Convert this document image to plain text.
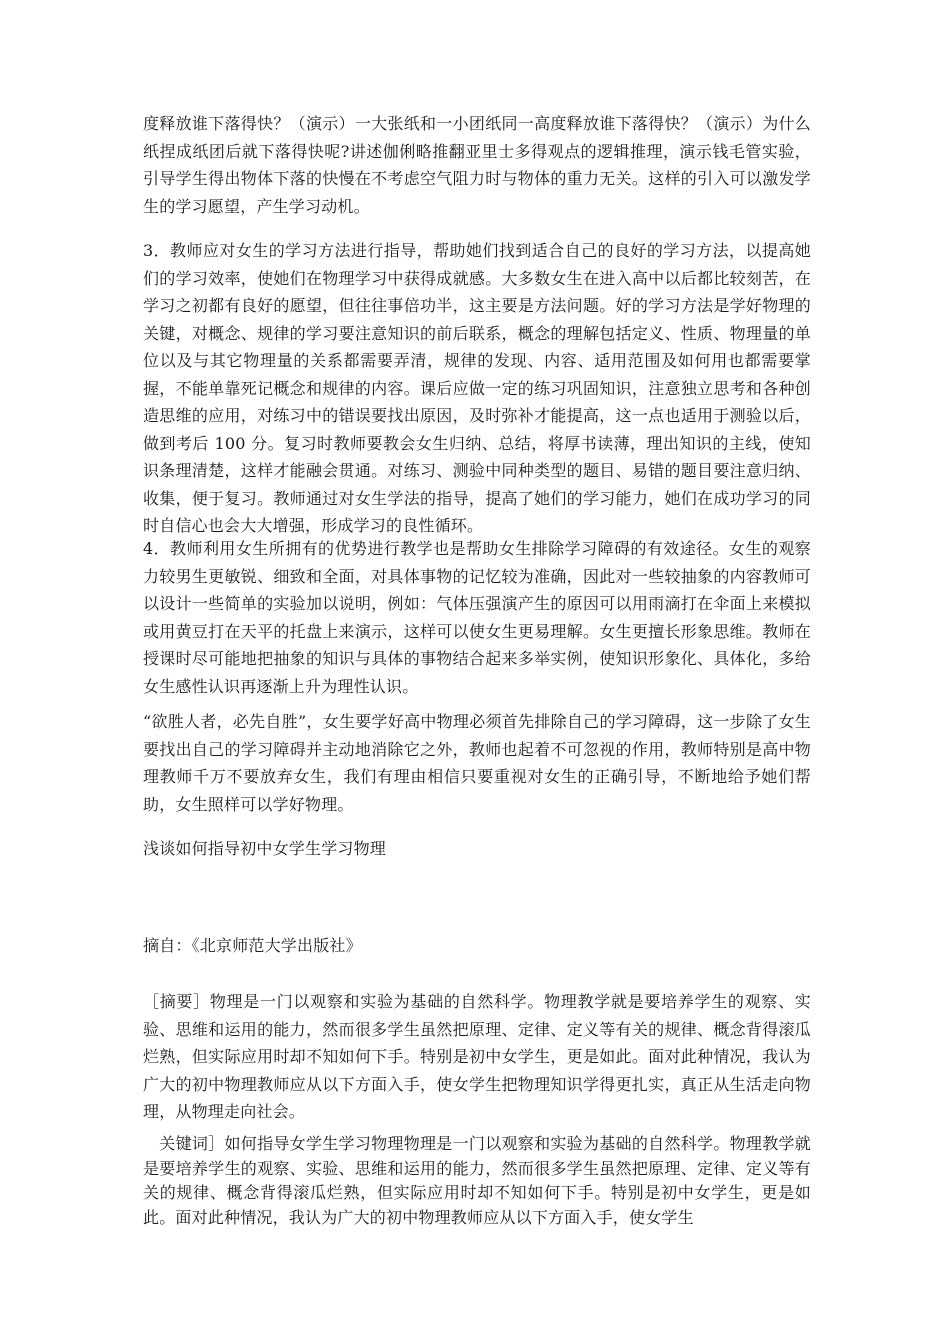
度释放谁下落得快？（演示）一大张纸和一小团纸同一高度释放谁下落得快？（演示）为什么纸捏成纸团后就下落得快呢?讲述伽俐略推翻亚里士多得观点的逻辑推理，演示钱毛管实验，引导学生得出物体下落的快慢在不考虑空气阻力时与物体的重力无关。这样的引入可以激发学生的学习愿望，产生学习动机。
3．教师应对女生的学习方法进行指导，帮助她们找到适合自己的良好的学习方法，以提高她们的学习效率，使她们在物理学习中获得成就感。大多数女生在进入高中以后都比较刻苦，在学习之初都有良好的愿望，但往往事倍功半，这主要是方法问题。好的学习方法是学好物理的关键，对概念、规律的学习要注意知识的前后联系，概念的理解包括定义、性质、物理量的单位以及与其它物理量的关系都需要弄清，规律的发现、内容、适用范围及如何用也都需要掌握，不能单靠死记概念和规律的内容。课后应做一定的练习巩固知识，注意独立思考和各种创造思维的应用，对练习中的错误要找出原因，及时弥补才能提高，这一点也适用于测验以后，做到考后 100 分。复习时教师要教会女生归纳、总结，将厚书读薄，理出知识的主线，使知识条理清楚，这样才能融会贯通。对练习、测验中同种类型的题目、易错的题目要注意归纳、收集，便于复习。教师通过对女生学法的指导，提高了她们的学习能力，她们在成功学习的同时自信心也会大大增强，形成学习的良性循环。
4．教师利用女生所拥有的优势进行教学也是帮助女生排除学习障碍的有效途径。女生的观察力较男生更敏锐、细致和全面，对具体事物的记忆较为准确，因此对一些较抽象的内容教师可以设计一些简单的实验加以说明，例如：气体压强演产生的原因可以用雨滴打在伞面上来模拟或用黄豆打在天平的托盘上来演示，这样可以使女生更易理解。女生更擅长形象思维。教师在授课时尽可能地把抽象的知识与具体的事物结合起来多举实例，使知识形象化、具体化，多给女生感性认识再逐渐上升为理性认识。
“欲胜人者，必先自胜”，女生要学好高中物理必须首先排除自己的学习障碍，这一步除了女生要找出自己的学习障碍并主动地消除它之外，教师也起着不可忽视的作用，教师特别是高中物理教师千万不要放弃女生，我们有理由相信只要重视对女生的正确引导，不断地给予她们帮助，女生照样可以学好物理。
浅谈如何指导初中女学生学习物理
摘自：《北京师范大学出版社》
［摘要］物理是一门以观察和实验为基础的自然科学。物理教学就是要培养学生的观察、实验、思维和运用的能力，然而很多学生虽然把原理、定律、定义等有关的规律、概念背得滚瓜烂熟，但实际应用时却不知如何下手。特别是初中女学生，更是如此。面对此种情况，我认为广大的初中物理教师应从以下方面入手，使女学生把物理知识学得更扎实，真正从生活走向物理，从物理走向社会。
　关键词］如何指导女学生学习物理物理是一门以观察和实验为基础的自然科学。物理教学就是要培养学生的观察、实验、思维和运用的能力，然而很多学生虽然把原理、定律、定义等有关的规律、概念背得滚瓜烂熟，但实际应用时却不知如何下手。特别是初中女学生，更是如此。面对此种情况，我认为广大的初中物理教师应从以下方面入手，使女学生
